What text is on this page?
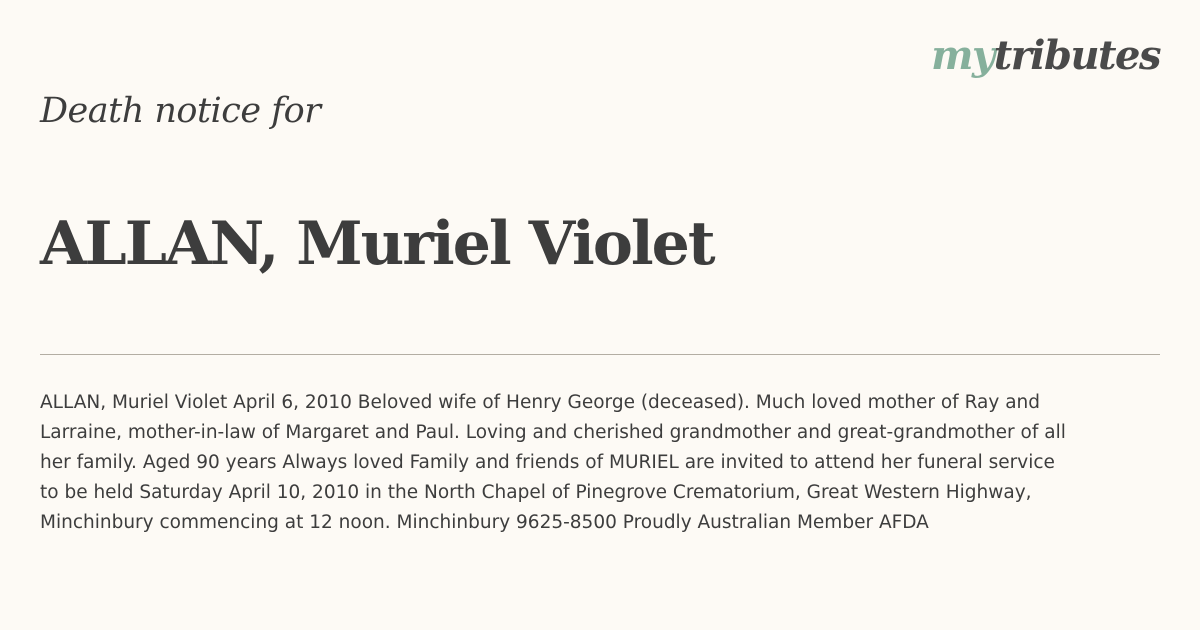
mytributes
Death notice for
ALLAN, Muriel Violet

ALLAN, Muriel Violet April 6, 2010 Beloved wife of Henry George (deceased). Much loved mother of Ray and
Larraine, mother-in-law of Margaret and Paul. Loving and cherished grandmother and great-grandmother of all
her family. Aged 90 years Always loved Family and friends of MURIEL are invited to attend her funeral service
to be held Saturday April 10, 2010 in the North Chapel of Pinegrove Crematorium, Great Western Highway,
Minchinbury commencing at 12 noon. Minchinbury 9625-8500 Proudly Australian Member AFDA
